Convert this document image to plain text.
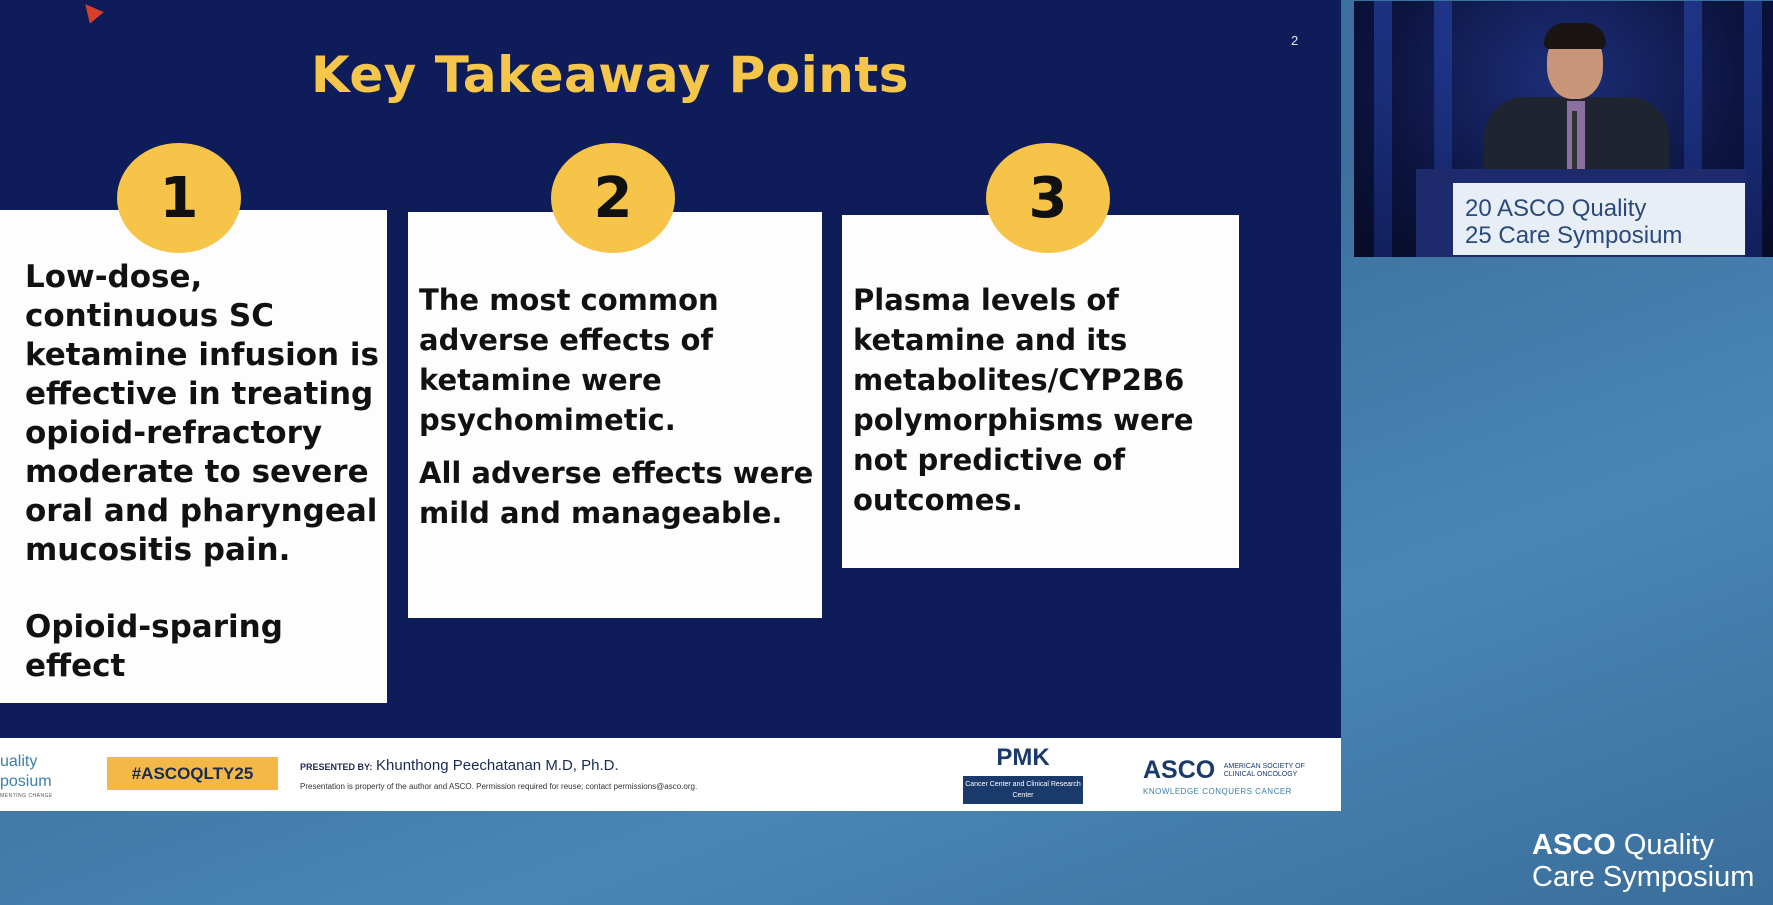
Key Takeaway Points
2
1

Low-dose, continuous SC ketamine infusion is effective in treating opioid-refractory moderate to severe oral and pharyngeal mucositis pain.

Opioid-sparing effect

2

The most common adverse effects of ketamine were psychomimetic.

All adverse effects were mild and manageable.

3

Plasma levels of ketamine and its metabolites/CYP2B6 polymorphisms were not predictive of outcomes.

uality
posium
MENTING CHANGE
#ASCOQLTY25	PRESENTED BY: Khunthong Peechatanan M.D, Ph.D.
Presentation is property of the author and ASCO. Permission required for reuse; contact permissions@asco.org.
PMK
Cancer Center and Clinical Research Center
ASCO AMERICAN SOCIETY OF CLINICAL ONCOLOGY
KNOWLEDGE CONQUERS CANCER
20 ASCO Quality
25 Care Symposium
ASCO Quality
Care Symposium
